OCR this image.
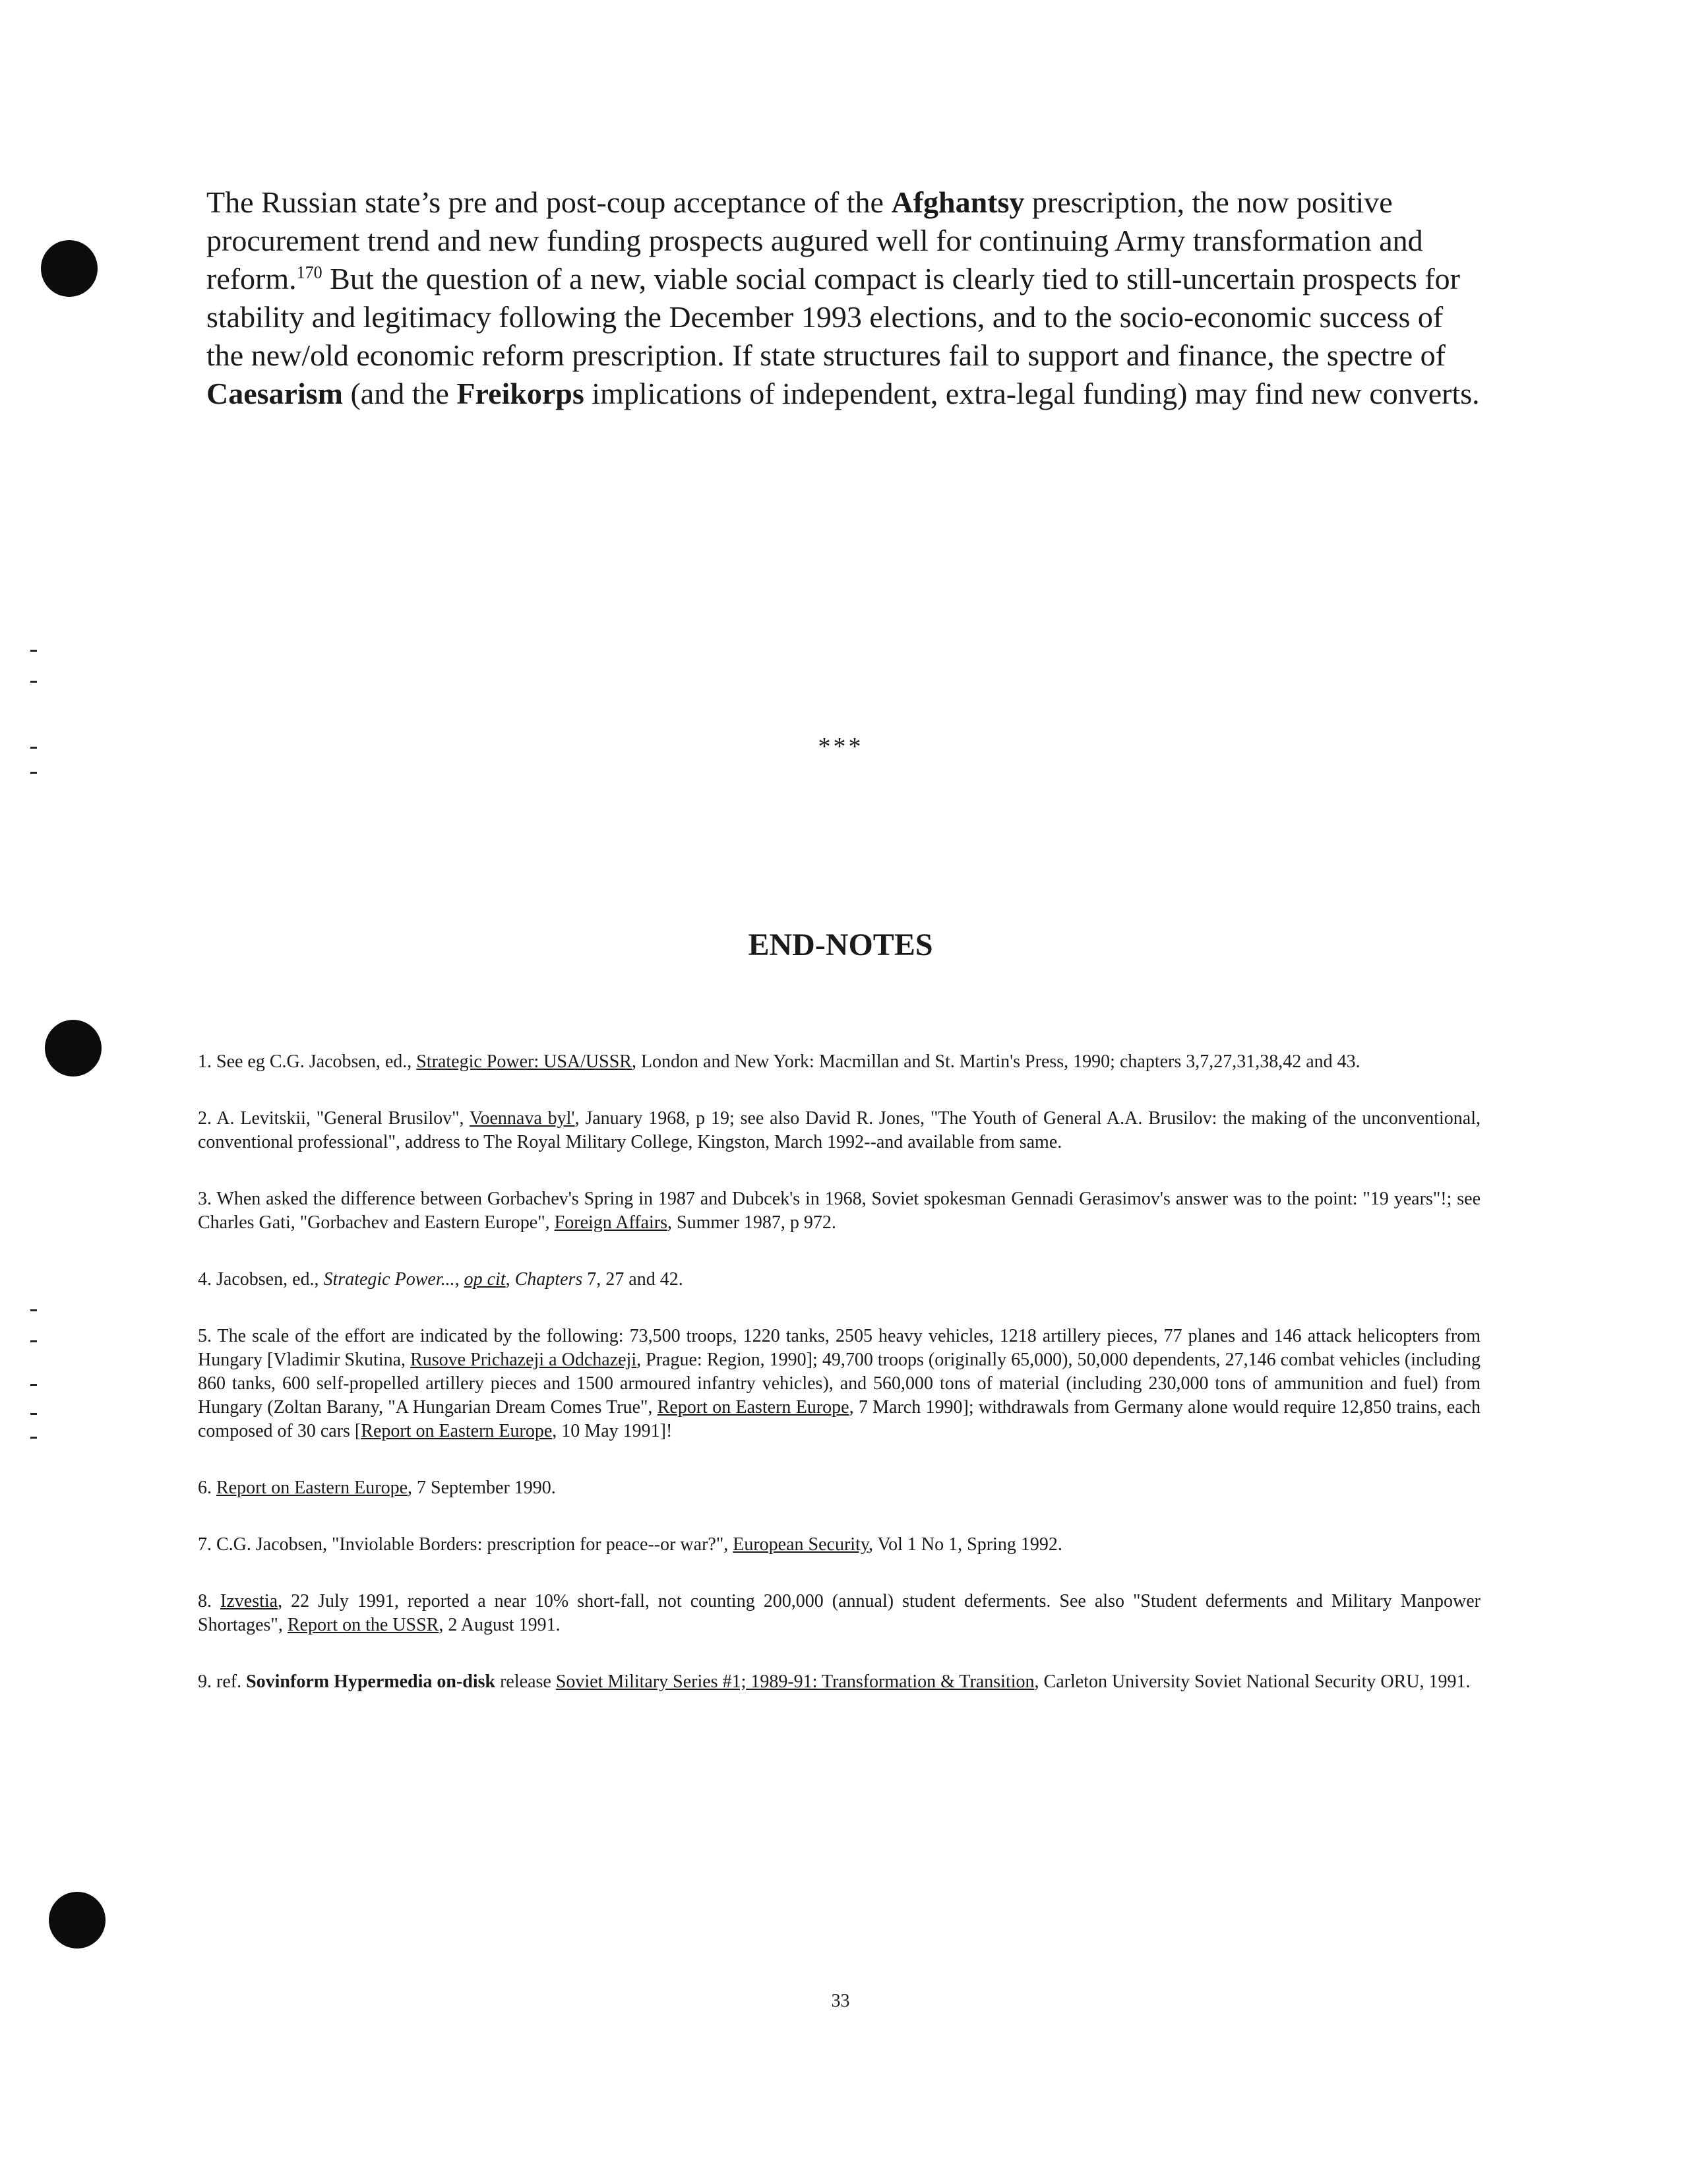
The Russian state’s pre and post-coup acceptance of the Afghantsy prescription, the now positive procurement trend and new funding prospects augured well for continuing Army transformation and reform.$^{170}$ But the question of a new, viable social compact is clearly tied to still-uncertain prospects for stability and legitimacy following the December 1993 elections, and to the socio-economic success of the new/old economic reform prescription. If state structures fail to support and finance, the spectre of Caesarism (and the Freikorps implications of independent, extra-legal funding) may find new converts.

***
END-NOTES

1. See eg C.G. Jacobsen, ed., Strategic Power: USA/USSR, London and New York: Macmillan and St. Martin's Press, 1990; chapters 3,7,27,31,38,42 and 43.

2. A. Levitskii, "General Brusilov", Voennava byl', January 1968, p 19; see also David R. Jones, "The Youth of General A.A. Brusilov: the making of the unconventional, conventional professional", address to The Royal Military College, Kingston, March 1992--and available from same.

3. When asked the difference between Gorbachev's Spring in 1987 and Dubcek's in 1968, Soviet spokesman Gennadi Gerasimov's answer was to the point: "19 years"!; see Charles Gati, "Gorbachev and Eastern Europe", Foreign Affairs, Summer 1987, p 972.

4. Jacobsen, ed., Strategic Power..., op cit, Chapters 7, 27 and 42.

5. The scale of the effort are indicated by the following: 73,500 troops, 1220 tanks, 2505 heavy vehicles, 1218 artillery pieces, 77 planes and 146 attack helicopters from Hungary [Vladimir Skutina, Rusove Prichazeji a Odchazeji, Prague: Region, 1990]; 49,700 troops (originally 65,000), 50,000 dependents, 27,146 combat vehicles (including 860 tanks, 600 self-propelled artillery pieces and 1500 armoured infantry vehicles), and 560,000 tons of material (including 230,000 tons of ammunition and fuel) from Hungary (Zoltan Barany, "A Hungarian Dream Comes True", Report on Eastern Europe, 7 March 1990]; withdrawals from Germany alone would require 12,850 trains, each composed of 30 cars [Report on Eastern Europe, 10 May 1991]!

6. Report on Eastern Europe, 7 September 1990.

7. C.G. Jacobsen, "Inviolable Borders: prescription for peace--or war?", European Security, Vol 1 No 1, Spring 1992.

8. Izvestia, 22 July 1991, reported a near 10% short-fall, not counting 200,000 (annual) student deferments. See also "Student deferments and Military Manpower Shortages", Report on the USSR, 2 August 1991.

9. ref. Sovinform Hypermedia on-disk release Soviet Military Series #1; 1989-91: Transformation & Transition, Carleton University Soviet National Security ORU, 1991.

33
